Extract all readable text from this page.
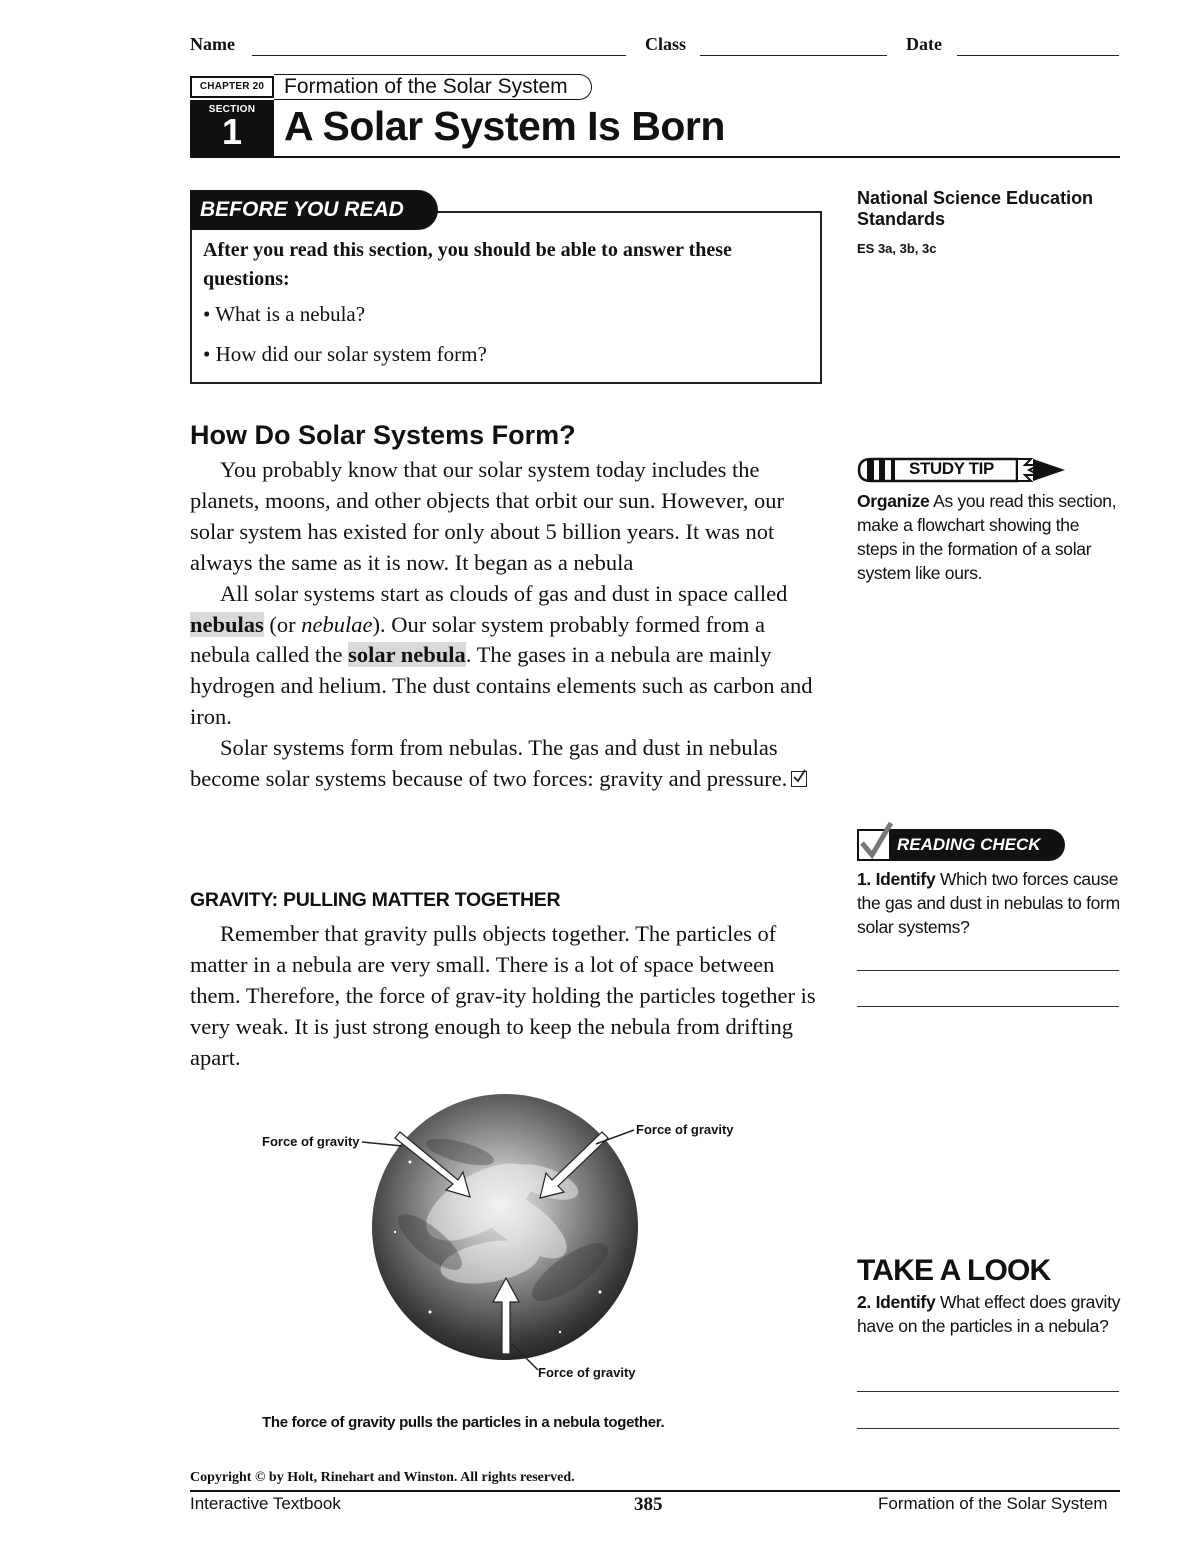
Name	Class	Date
CHAPTER 20 Formation of the Solar System
SECTION
1	A Solar System Is Born
BEFORE YOU READ
After you read this section, you should be able to answer these questions:
• What is a nebula?
• How did our solar system form?
National Science Education Standards
ES 3a, 3b, 3c
How Do Solar Systems Form?

You probably know that our solar system today includes the planets, moons, and other objects that orbit our sun. However, our solar system has existed for only about 5 billion years. It was not always the same as it is now. It began as a nebula

All solar systems start as clouds of gas and dust in space called nebulas (or nebulae). Our solar system probably formed from a nebula called the solar nebula. The gases in a nebula are mainly hydrogen and helium. The dust contains elements such as carbon and iron.

Solar systems form from nebulas. The gas and dust in nebulas become solar systems because of two forces: gravity and pressure.

GRAVITY: PULLING MATTER TOGETHER

Remember that gravity pulls objects together. The particles of matter in a nebula are very small. There is a lot of space between them. Therefore, the force of grav-ity holding the particles together is very weak. It is just strong enough to keep the nebula from drifting apart.

STUDY TIP
Organize As you read this section, make a flowchart showing the steps in the formation of a solar system like ours.
READING CHECK
1. Identify Which two forces cause the gas and dust in nebulas to form solar systems?
TAKE A LOOK
2. Identify What effect does gravity have on the particles in a nebula?
Force of gravity
Force of gravity
Force of gravity
The force of gravity pulls the particles in a nebula together.
Copyright © by Holt, Rinehart and Winston. All rights reserved.
Interactive Textbook	385	Formation of the Solar System
